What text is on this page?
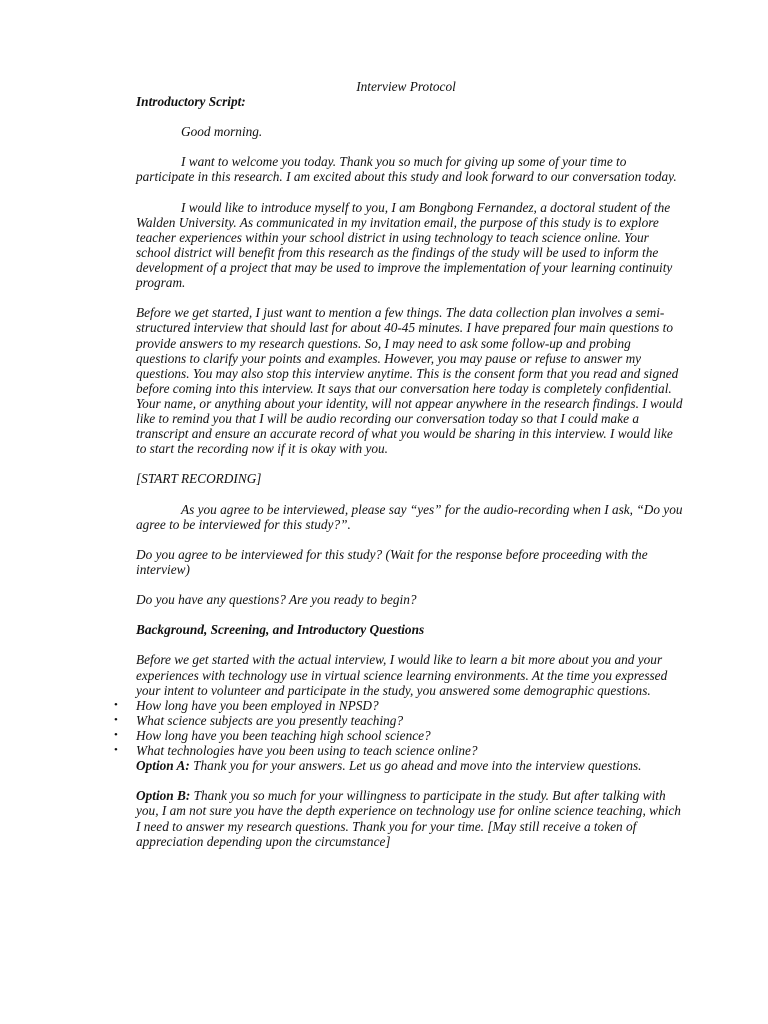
Interview Protocol

Introductory Script:

Good morning.

I want to welcome you today. Thank you so much for giving up some of your time to participate in this research. I am excited about this study and look forward to our conversation today.

I would like to introduce myself to you, I am Bongbong Fernandez, a doctoral student of the Walden University. As communicated in my invitation email, the purpose of this study is to explore teacher experiences within your school district in using technology to teach science online. Your school district will benefit from this research as the findings of the study will be used to inform the development of a project that may be used to improve the implementation of your learning continuity program.

Before we get started, I just want to mention a few things. The data collection plan involves a semi-structured interview that should last for about 40-45 minutes. I have prepared four main questions to provide answers to my research questions. So, I may need to ask some follow-up and probing questions to clarify your points and examples. However, you may pause or refuse to answer my questions. You may also stop this interview anytime. This is the consent form that you read and signed before coming into this interview. It says that our conversation here today is completely confidential. Your name, or anything about your identity, will not appear anywhere in the research findings. I would like to remind you that I will be audio recording our conversation today so that I could make a transcript and ensure an accurate record of what you would be sharing in this interview. I would like to start the recording now if it is okay with you.

[START RECORDING]

As you agree to be interviewed, please say “yes” for the audio-recording when I ask, “Do you agree to be interviewed for this study?”.

Do you agree to be interviewed for this study? (Wait for the response before proceeding with the interview)

Do you have any questions? Are you ready to begin?

Background, Screening, and Introductory Questions

Before we get started with the actual interview, I would like to learn a bit more about you and your experiences with technology use in virtual science learning environments. At the time you expressed your intent to volunteer and participate in the study, you answered some demographic questions.

• How long have you been employed in NPSD?
• What science subjects are you presently teaching?
• How long have you been teaching high school science?
• What technologies have you been using to teach science online?

Option A: Thank you for your answers. Let us go ahead and move into the interview questions.

Option B: Thank you so much for your willingness to participate in the study. But after talking with you, I am not sure you have the depth experience on technology use for online science teaching, which I need to answer my research questions. Thank you for your time. [May still receive a token of appreciation depending upon the circumstance]
